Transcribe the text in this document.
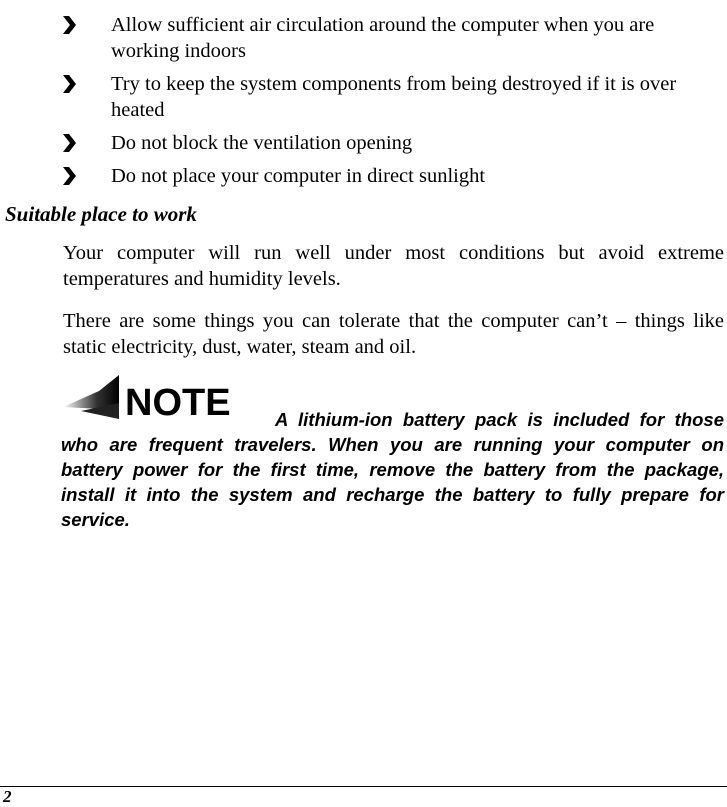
Allow sufficient air circulation around the computer when you are working indoors
Try to keep the system components from being destroyed if it is over heated
Do not block the ventilation opening
Do not place your computer in direct sunlight
Suitable place to work
Your computer will run well under most conditions but avoid extreme temperatures and humidity levels.
There are some things you can tolerate that the computer can’t – things like static electricity, dust, water, steam and oil.
NOTE	A lithium-ion battery pack is included for those who are frequent travelers. When you are running your computer on battery power for the first time, remove the battery from the package, install it into the system and recharge the battery to fully prepare for service.
2
